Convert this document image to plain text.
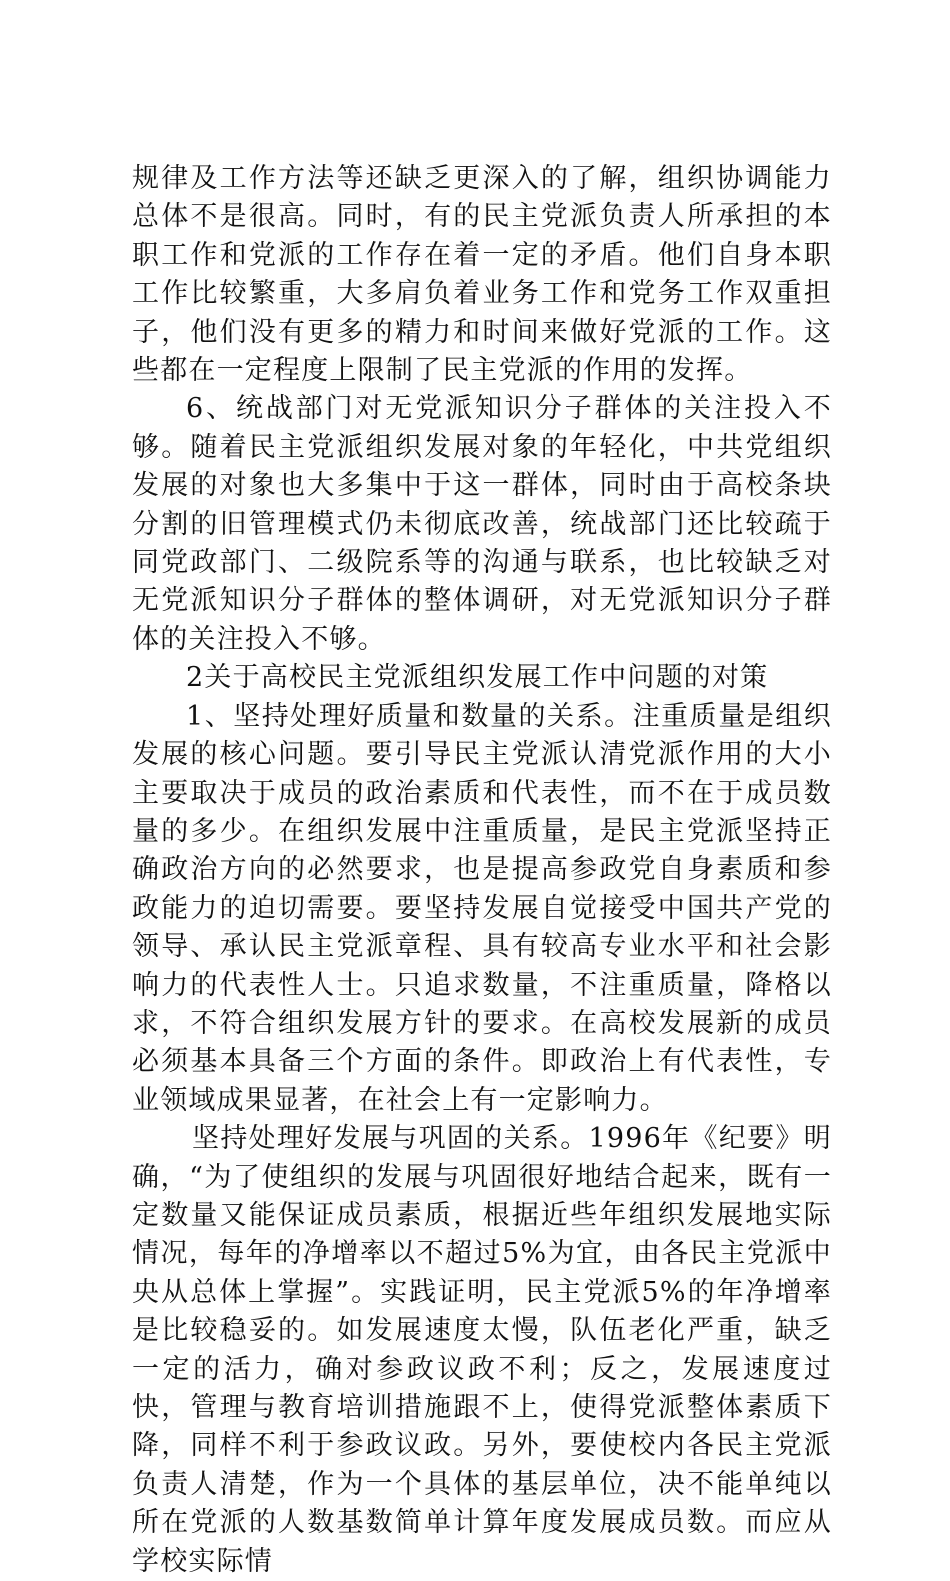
规律及工作方法等还缺乏更深入的了解，组织协调能力总体不是很高。同时，有的民主党派负责人所承担的本职工作和党派的工作存在着一定的矛盾。他们自身本职工作比较繁重，大多肩负着业务工作和党务工作双重担子，他们没有更多的精力和时间来做好党派的工作。这些都在一定程度上限制了民主党派的作用的发挥。

6、统战部门对无党派知识分子群体的关注投入不够。随着民主党派组织发展对象的年轻化，中共党组织发展的对象也大多集中于这一群体，同时由于高校条块分割的旧管理模式仍未彻底改善，统战部门还比较疏于同党政部门、二级院系等的沟通与联系，也比较缺乏对无党派知识分子群体的整体调研，对无党派知识分子群体的关注投入不够。

2关于高校民主党派组织发展工作中问题的对策

1、坚持处理好质量和数量的关系。注重质量是组织发展的核心问题。要引导民主党派认清党派作用的大小主要取决于成员的政治素质和代表性，而不在于成员数量的多少。在组织发展中注重质量，是民主党派坚持正确政治方向的必然要求，也是提高参政党自身素质和参政能力的迫切需要。要坚持发展自觉接受中国共产党的领导、承认民主党派章程、具有较高专业水平和社会影响力的代表性人士。只追求数量，不注重质量，降格以求，不符合组织发展方针的要求。在高校发展新的成员必须基本具备三个方面的条件。即政治上有代表性，专业领域成果显著，在社会上有一定影响力。

坚持处理好发展与巩固的关系。1996年《纪要》明确，“为了使组织的发展与巩固很好地结合起来，既有一定数量又能保证成员素质，根据近些年组织发展地实际情况，每年的净增率以不超过5%为宜，由各民主党派中央从总体上掌握”。实践证明，民主党派5%的年净增率是比较稳妥的。如发展速度太慢，队伍老化严重，缺乏一定的活力，确对参政议政不利；反之，发展速度过快，管理与教育培训措施跟不上，使得党派整体素质下降，同样不利于参政议政。另外，要使校内各民主党派负责人清楚，作为一个具体的基层单位，决不能单纯以所在党派的人数基数简单计算年度发展成员数。而应从学校实际情
